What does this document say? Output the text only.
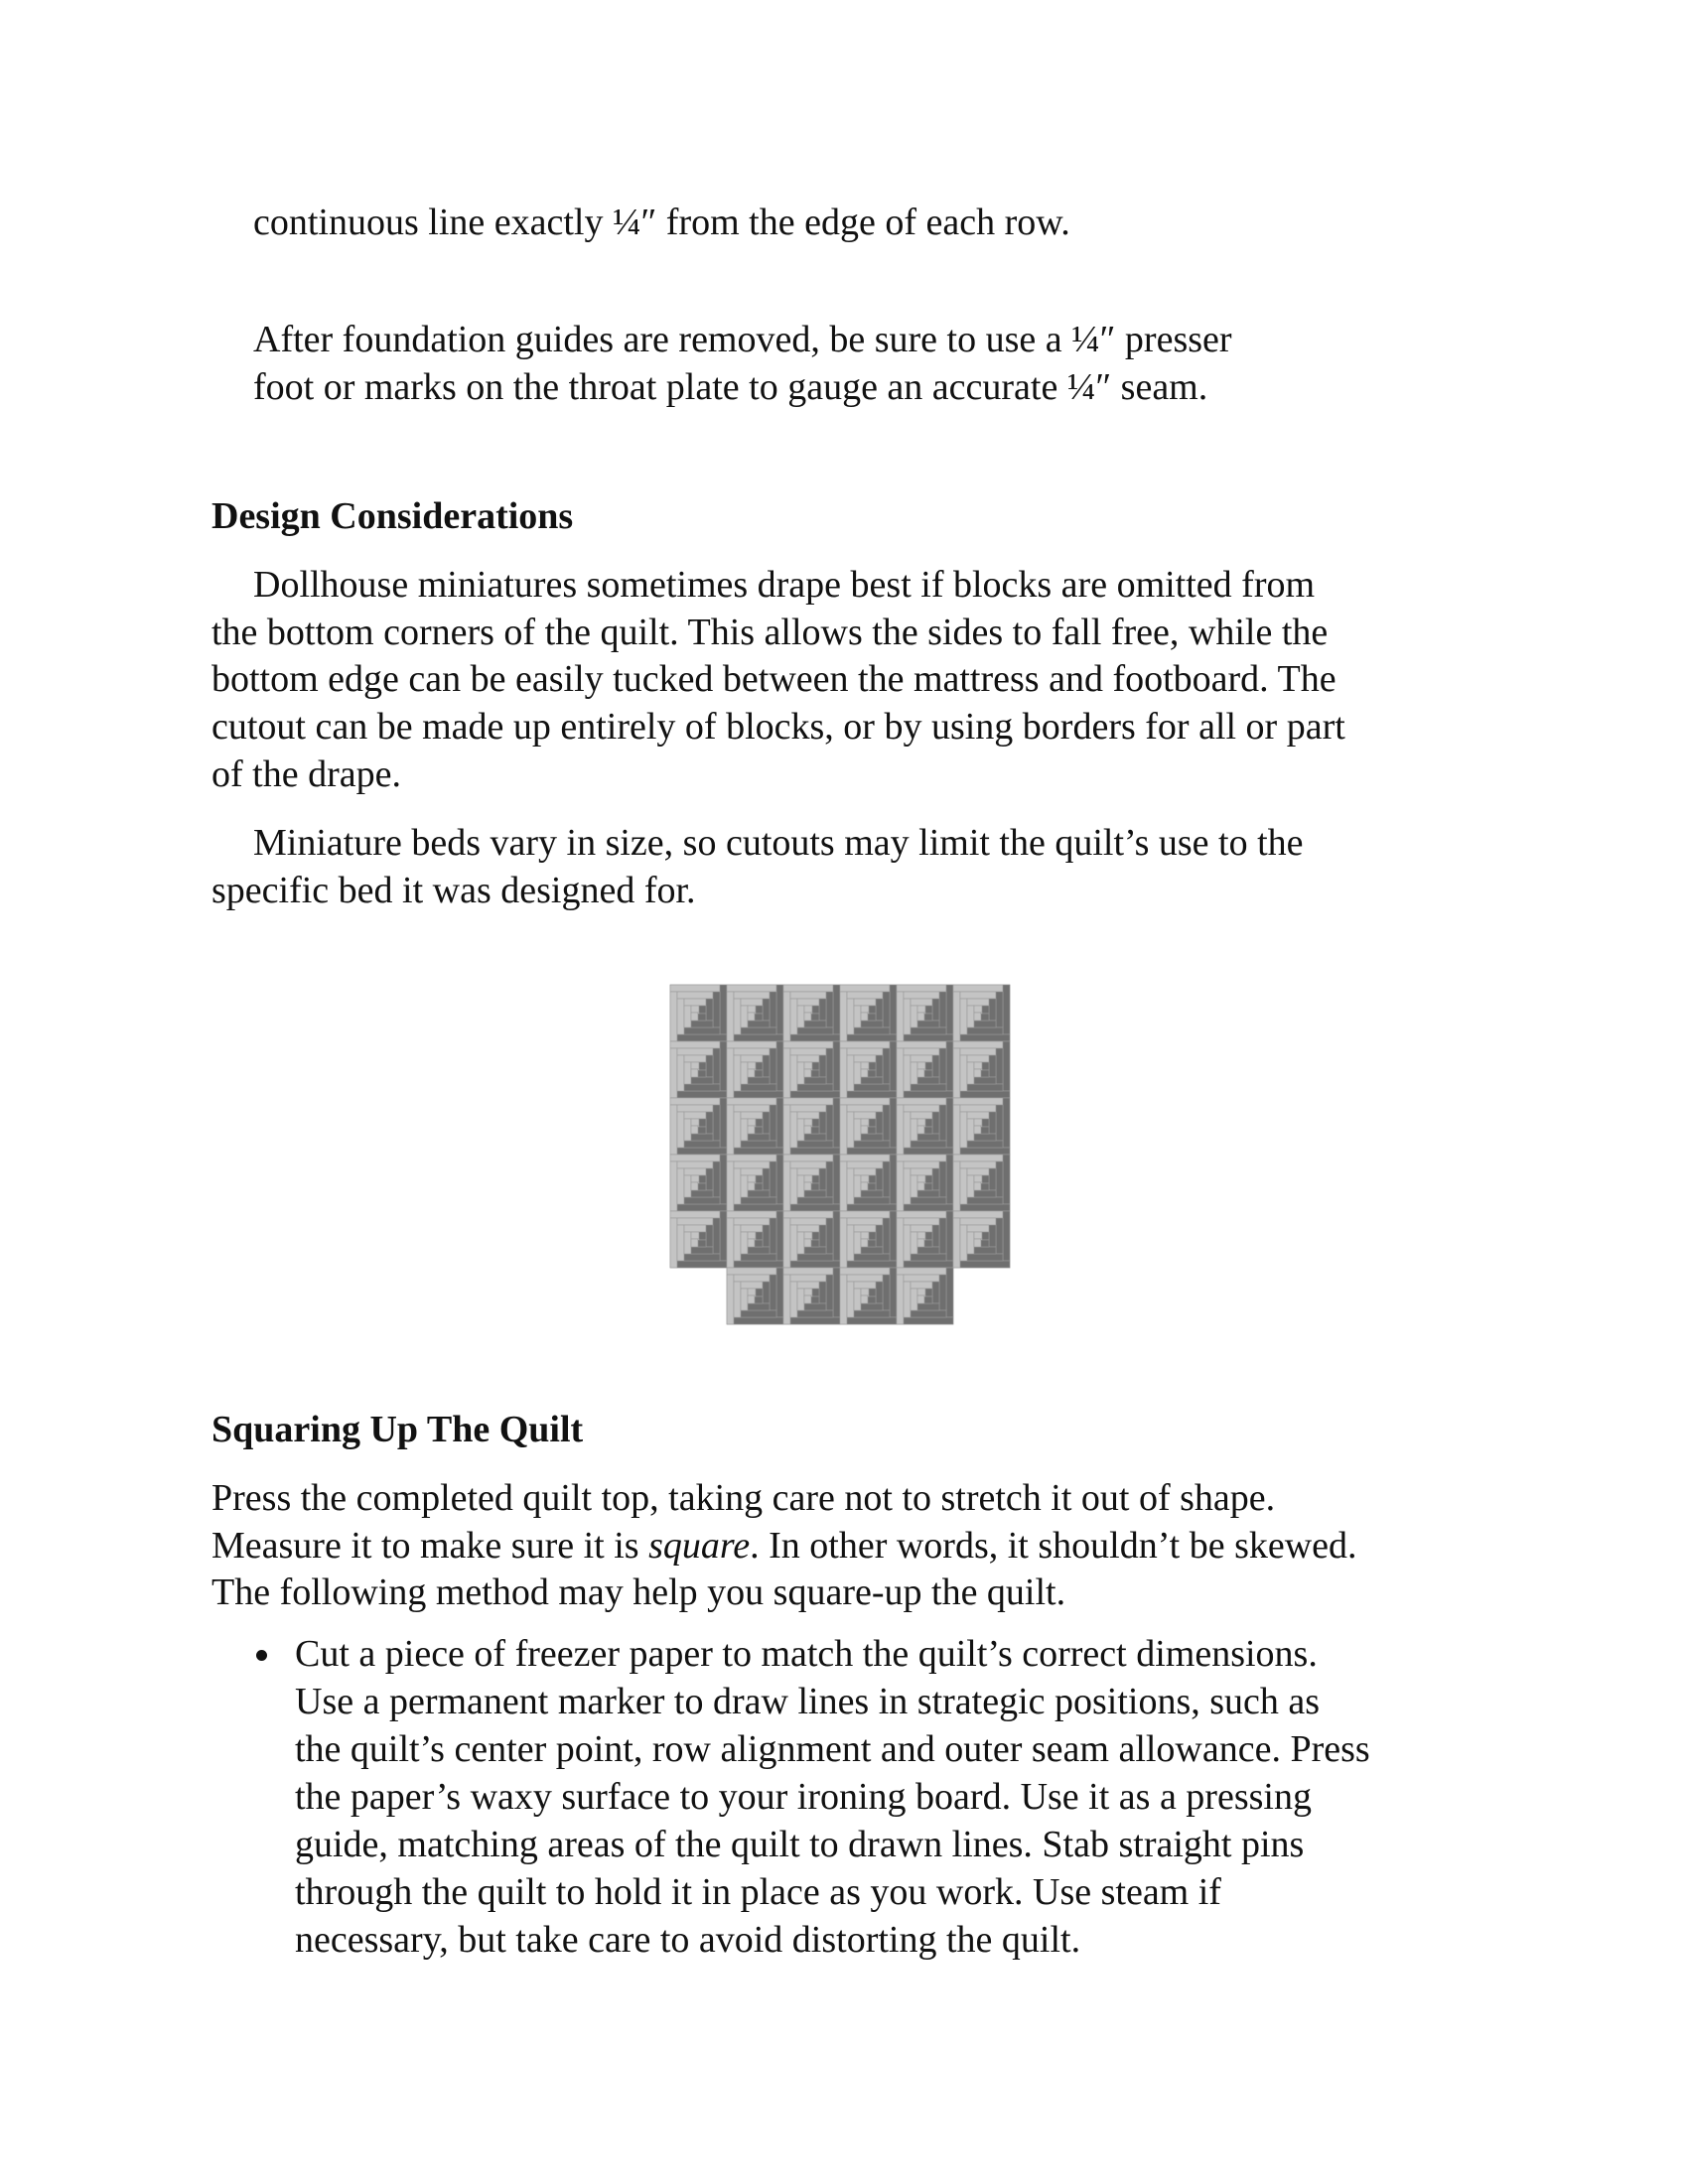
continuous line exactly ¼″ from the edge of each row.
After foundation guides are removed, be sure to use a ¼″ presser
foot or marks on the throat plate to gauge an accurate ¼″ seam.
Design Considerations
Dollhouse miniatures sometimes drape best if blocks are omitted from
the bottom corners of the quilt. This allows the sides to fall free, while the
bottom edge can be easily tucked between the mattress and footboard. The
cutout can be made up entirely of blocks, or by using borders for all or part
of the drape.
Miniature beds vary in size, so cutouts may limit the quilt’s use to the
specific bed it was designed for.
Squaring Up The Quilt
Press the completed quilt top, taking care not to stretch it out of shape.
Measure it to make sure it is square. In other words, it shouldn’t be skewed.
The following method may help you square-up the quilt.
Cut a piece of freezer paper to match the quilt’s correct dimensions.
Use a permanent marker to draw lines in strategic positions, such as
the quilt’s center point, row alignment and outer seam allowance. Press
the paper’s waxy surface to your ironing board. Use it as a pressing
guide, matching areas of the quilt to drawn lines. Stab straight pins
through the quilt to hold it in place as you work. Use steam if
necessary, but take care to avoid distorting the quilt.
